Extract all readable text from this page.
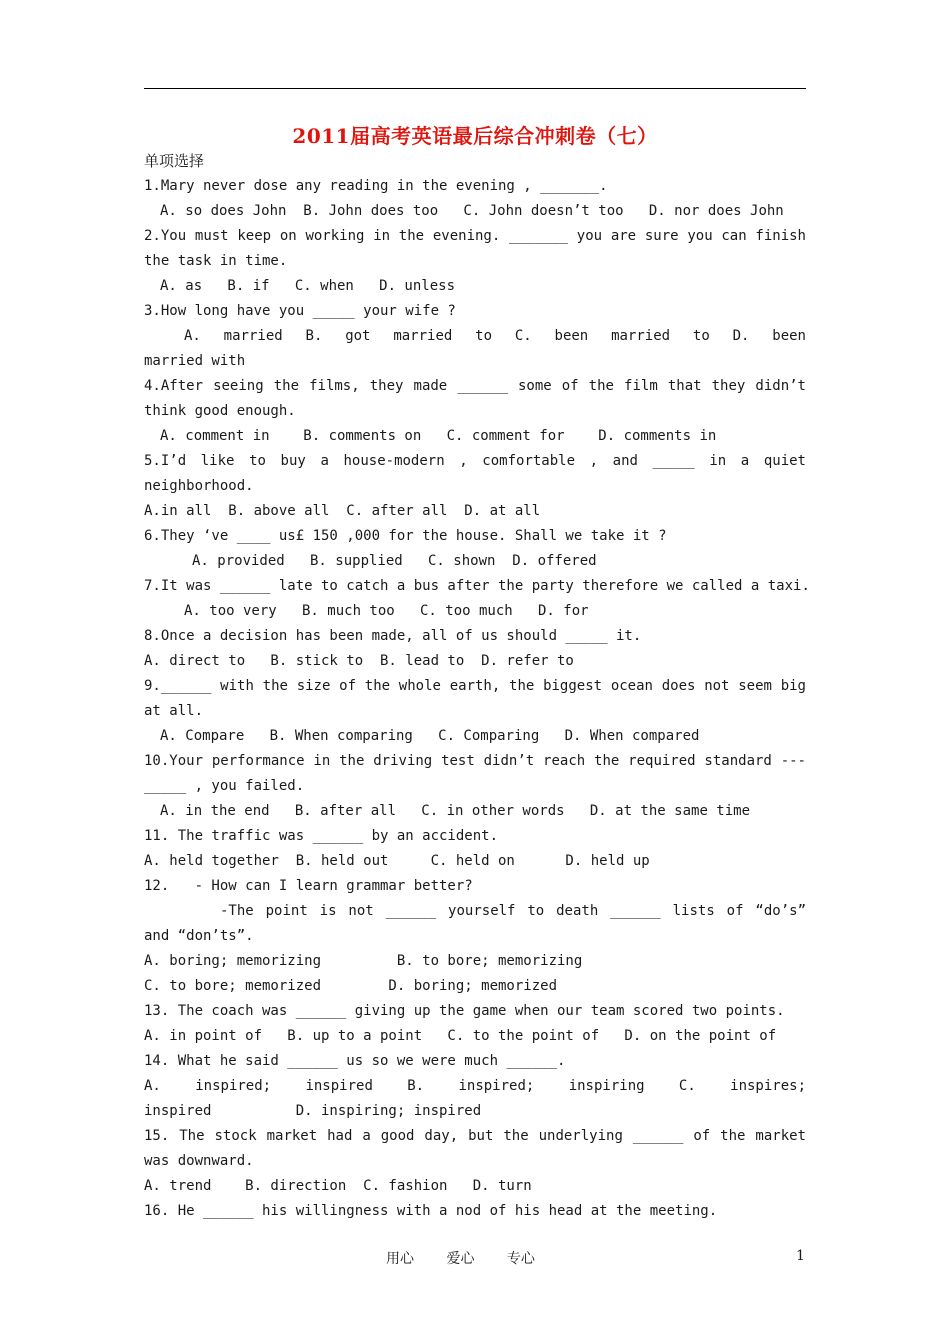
2011届高考英语最后综合冲刺卷（七）
单项选择
1.Mary never dose any reading in the evening , _______.
A. so does John  B. John does too   C. John doesn’t too   D. nor does John
2.You must keep on working in the evening. _______ you are sure you can finish
the task in time.
A. as   B. if   C. when   D. unless
3.How long have you _____ your wife ?
A. married B. got married to C. been married to D. been
married with
4.After seeing the films, they made ______ some of the film that they didn’t
think good enough.
A. comment in    B. comments on   C. comment for    D. comments in
5.I’d like to buy a house-modern , comfortable , and _____ in a quiet
neighborhood.
A.in all  B. above all  C. after all  D. at all
6.They ‘ve ____ us£ 150 ,000 for the house. Shall we take it ?
A. provided   B. supplied   C. shown  D. offered
7.It was ______ late to catch a bus after the party therefore we called a taxi.
A. too very   B. much too   C. too much   D. for
8.Once a decision has been made, all of us should _____ it.
A. direct to   B. stick to  B. lead to  D. refer to
9.______ with the size of the whole earth, the biggest ocean does not seem big
at all.
A. Compare   B. When comparing   C. Comparing   D. When compared
10.Your performance in the driving test didn’t reach the required standard ---
_____ , you failed.
A. in the end   B. after all   C. in other words   D. at the same time
11. The traffic was ______ by an accident.
A. held together  B. held out     C. held on      D. held up
12.   - How can I learn grammar better?
-The point is not ______ yourself to death ______ lists of “do’s”
and “don’ts”.
A. boring; memorizing         B. to bore; memorizing
C. to bore; memorized        D. boring; memorized
13. The coach was ______ giving up the game when our team scored two points.
A. in point of   B. up to a point   C. to the point of   D. on the point of
14. What he said ______ us so we were much ______.
A. inspired; inspired B. inspired; inspiring C. inspires;
inspired          D. inspiring; inspired
15. The stock market had a good day, but the underlying ______ of the market
was downward.
A. trend    B. direction  C. fashion   D. turn
16. He ______ his willingness with a nod of his head at the meeting.
用心 爱心 专心	1
